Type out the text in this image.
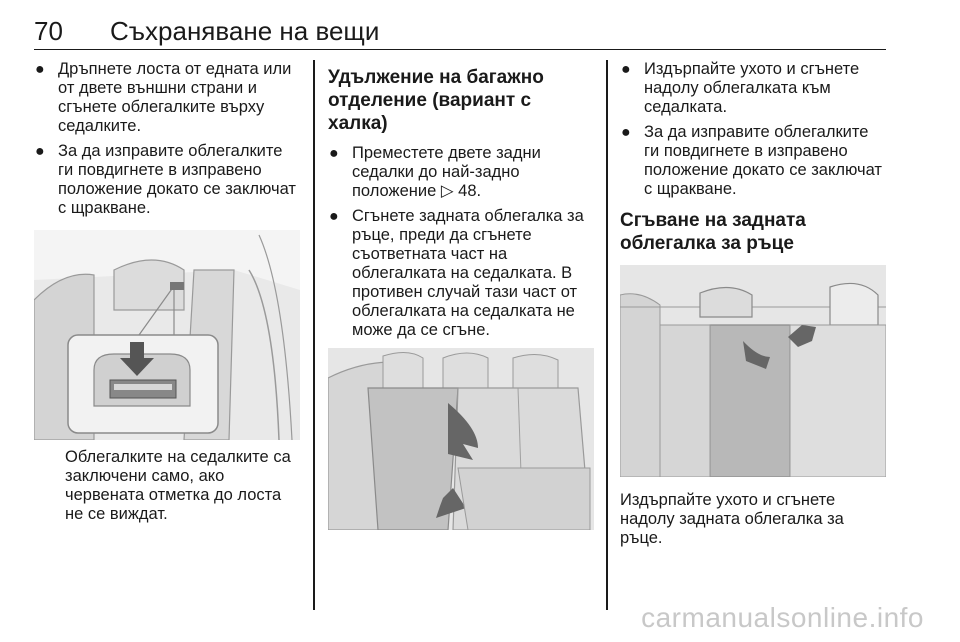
70 Съхраняване на вещи
● Дръпнете лоста от едната или от двете външни страни и сгънете облегалките върху седалките.
● За да изправите облегалките ги повдигнете в изправено положение докато се заключат с щракване.

Облегалките на седалките са заключени само, ако червената отметка до лоста не се виждат.

Удължение на багажно отделение (вариант с халка)
● Преместете двете задни седалки до най-задно положение ▷ 48.
● Сгънете задната облегалка за ръце, преди да сгънете съответната част на облегалката на седалката. В противен случай тази част от облегалката на седалката не може да се сгъне.
● Издърпайте ухото и сгънете надолу облегалката към седалката.
● За да изправите облегалките ги повдигнете в изправено положение докато се заключат с щракване.
Сгъване на задната облегалка за ръце

Издърпайте ухото и сгънете надолу задната облегалка за ръце.

carmanualsonline.info
